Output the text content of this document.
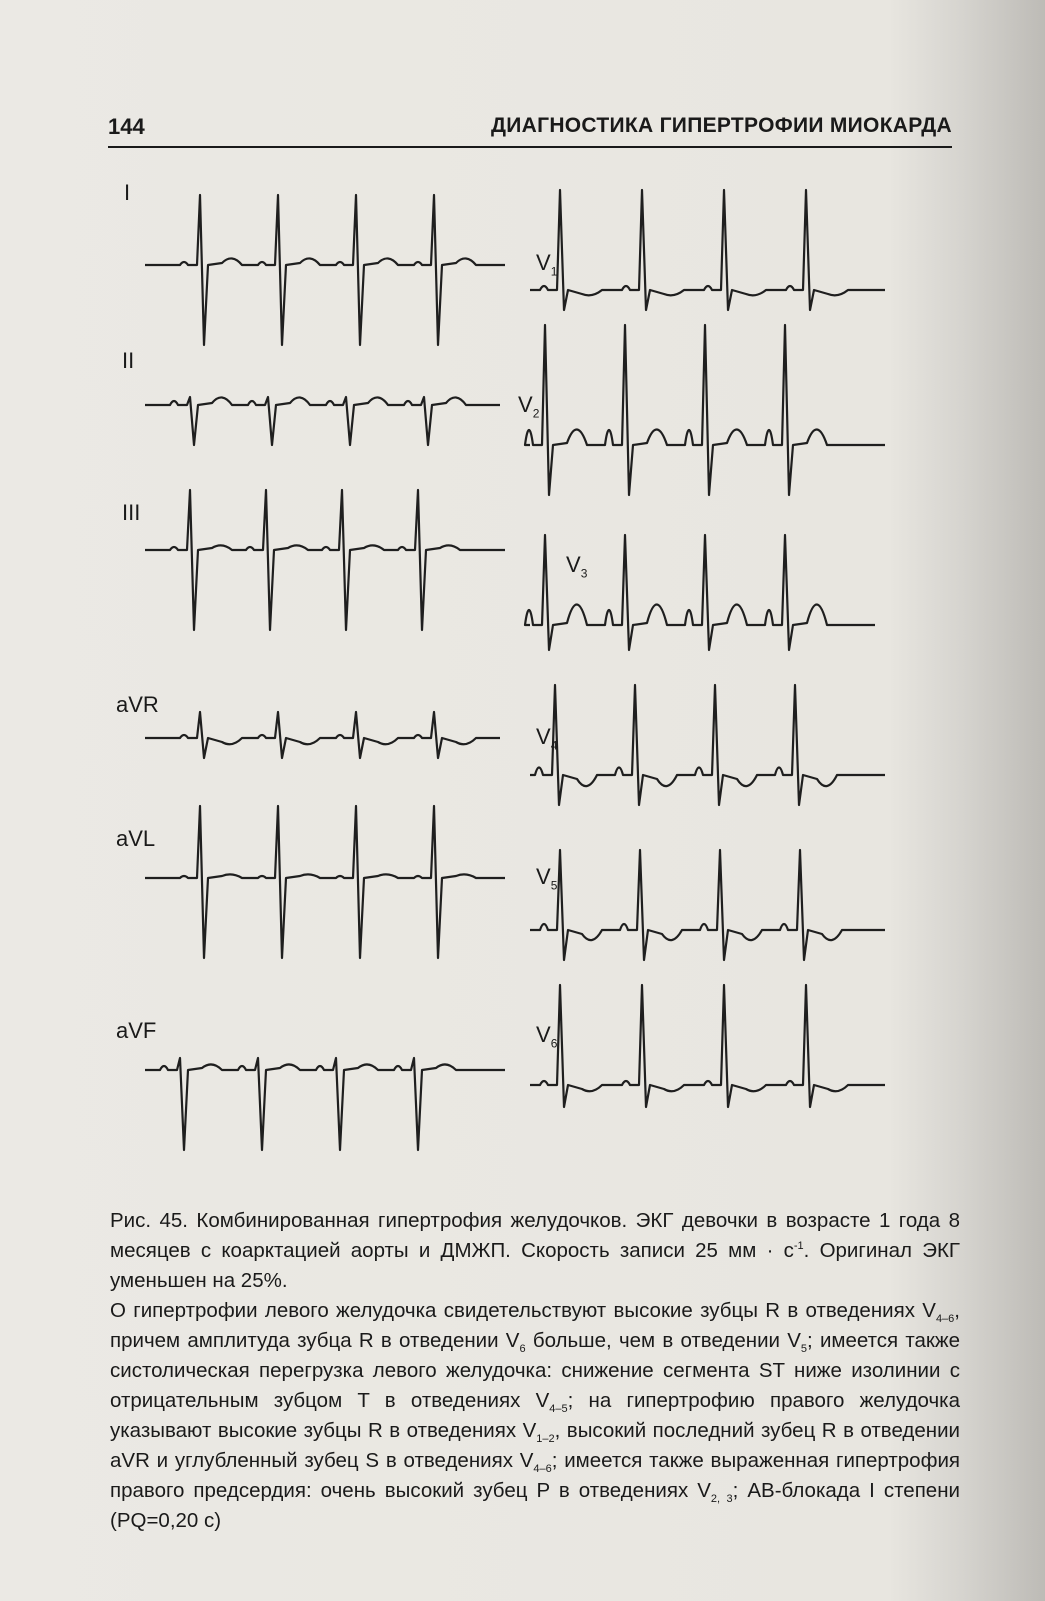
144	ДИАГНОСТИКА ГИПЕРТРОФИИ МИОКАРДА
I
II
III
aVR
aVL
aVF
$V_1$
$V_2$
$V_3$
$V_4$
$V_5$
$V_6$

Рис. 45. Комбинированная гипертрофия желудочков. ЭКГ девочки в возрасте 1 года 8 месяцев с коарктацией аорты и ДМЖП. Скорость записи 25 мм · $с^{-1}$. Оригинал ЭКГ уменьшен на 25%.

О гипертрофии левого желудочка свидетельствуют высокие зубцы R в отведениях $V_{4-6}$, причем амплитуда зубца R в отведении $V_6$ больше, чем в отведении $V_5$; имеется также систолическая перегрузка левого желудочка: снижение сегмента ST ниже изолинии с отрицательным зубцом T в отведениях $V_{4-5}$; на гипертрофию правого желудочка указывают высокие зубцы R в отведениях $V_{1-2}$, высокий последний зубец R в отведении aVR и углубленный зубец S в отведениях $V_{4-6}$; имеется также выраженная гипертрофия правого предсердия: очень высокий зубец P в отведениях $V_{2, 3}$; АВ-блокада I степени (PQ=0,20 с)
